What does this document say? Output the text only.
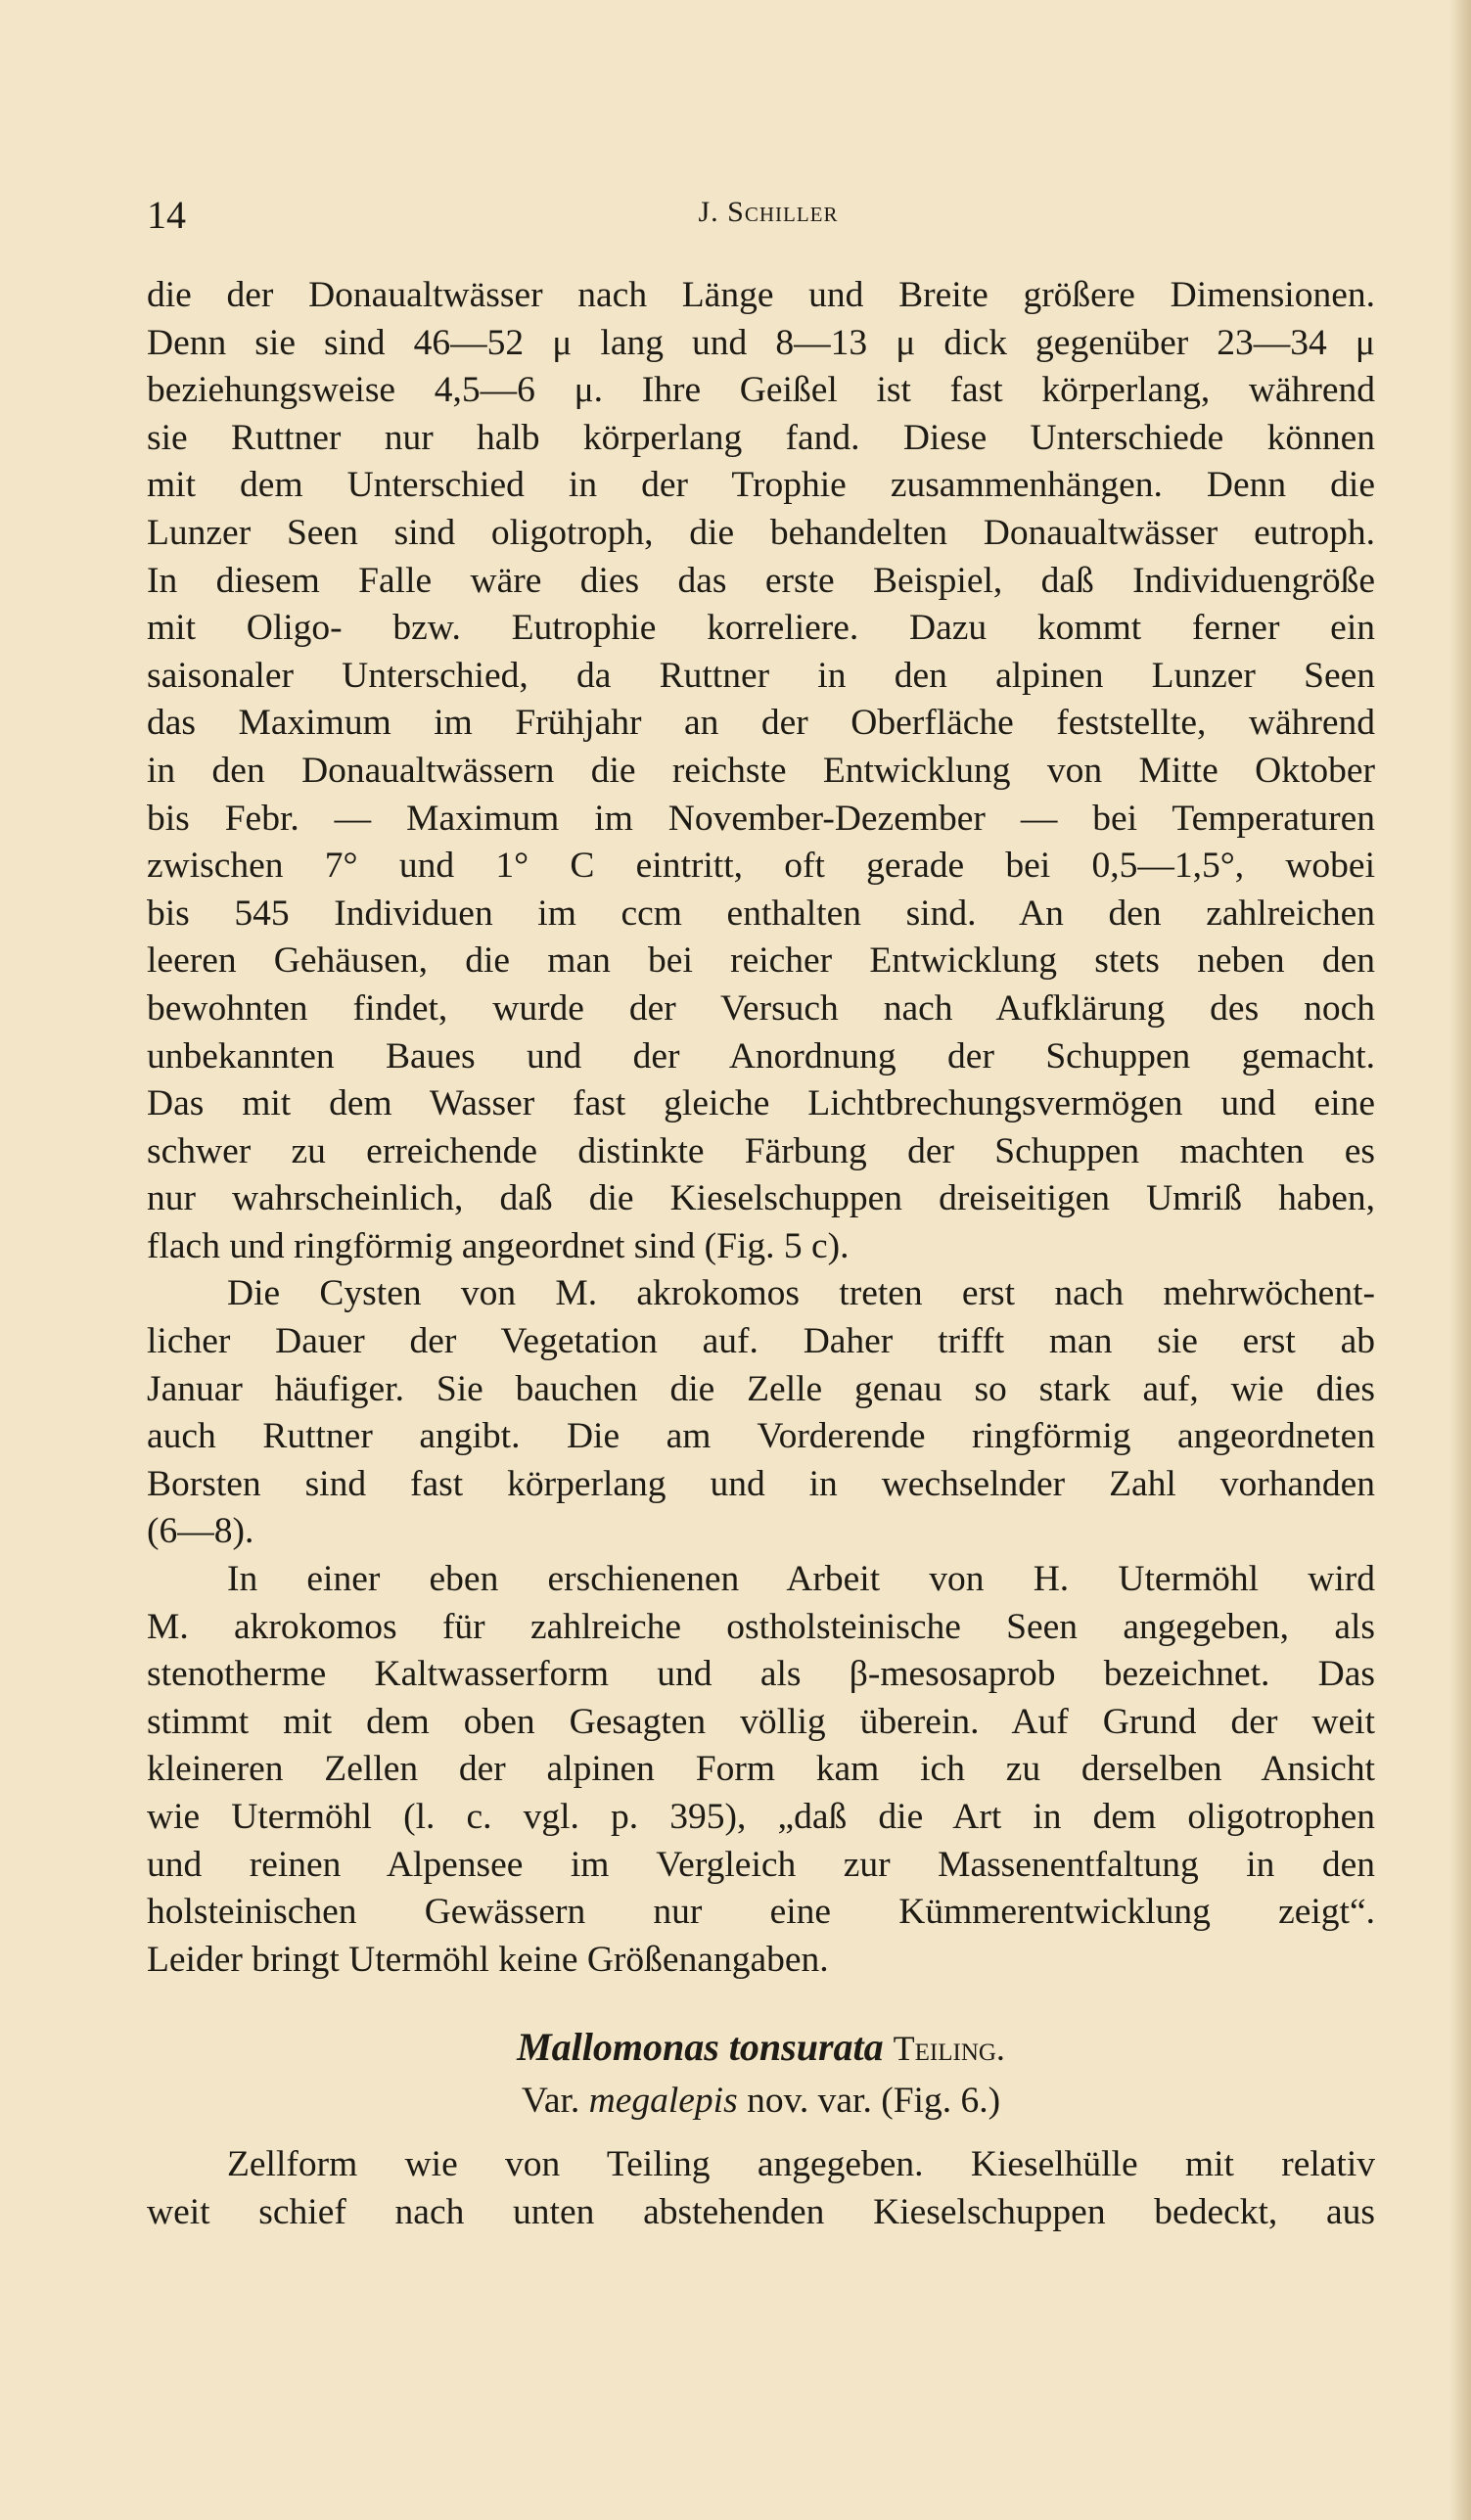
14	J. Schiller
die der Donaualtwässer nach Länge und Breite größere Dimensionen.
Denn sie sind 46—52 μ lang und 8—13 μ dick gegenüber 23—34 μ
beziehungsweise 4,5—6 μ. Ihre Geißel ist fast körperlang, während
sie Ruttner nur halb körperlang fand. Diese Unterschiede können
mit dem Unterschied in der Trophie zusammenhängen. Denn die
Lunzer Seen sind oligotroph, die behandelten Donaualtwässer eutroph.
In diesem Falle wäre dies das erste Beispiel, daß Individuengröße
mit Oligo- bzw. Eutrophie korreliere. Dazu kommt ferner ein
saisonaler Unterschied, da Ruttner in den alpinen Lunzer Seen
das Maximum im Frühjahr an der Oberfläche feststellte, während
in den Donaualtwässern die reichste Entwicklung von Mitte Oktober
bis Febr. — Maximum im November-Dezember — bei Temperaturen
zwischen 7° und 1° C eintritt, oft gerade bei 0,5—1,5°, wobei
bis 545 Individuen im ccm enthalten sind. An den zahlreichen
leeren Gehäusen, die man bei reicher Entwicklung stets neben den
bewohnten findet, wurde der Versuch nach Aufklärung des noch
unbekannten Baues und der Anordnung der Schuppen gemacht.
Das mit dem Wasser fast gleiche Lichtbrechungsvermögen und eine
schwer zu erreichende distinkte Färbung der Schuppen machten es
nur wahrscheinlich, daß die Kieselschuppen dreiseitigen Umriß haben,
flach und ringförmig angeordnet sind (Fig. 5 c).
Die Cysten von M. akrokomos treten erst nach mehrwöchent-
licher Dauer der Vegetation auf. Daher trifft man sie erst ab
Januar häufiger. Sie bauchen die Zelle genau so stark auf, wie dies
auch Ruttner angibt. Die am Vorderende ringförmig angeordneten
Borsten sind fast körperlang und in wechselnder Zahl vorhanden
(6—8).
In einer eben erschienenen Arbeit von H. Utermöhl wird
M. akrokomos für zahlreiche ostholsteinische Seen angegeben, als
stenotherme Kaltwasserform und als β-mesosaprob bezeichnet. Das
stimmt mit dem oben Gesagten völlig überein. Auf Grund der weit
kleineren Zellen der alpinen Form kam ich zu derselben Ansicht
wie Utermöhl (l. c. vgl. p. 395), „daß die Art in dem oligotrophen
und reinen Alpensee im Vergleich zur Massenentfaltung in den
holsteinischen Gewässern nur eine Kümmerentwicklung zeigt“.
Leider bringt Utermöhl keine Größenangaben.
Mallomonas tonsurata Teiling.
Var. megalepis nov. var. (Fig. 6.)
Zellform wie von Teiling angegeben. Kieselhülle mit relativ
weit schief nach unten abstehenden Kieselschuppen bedeckt, aus
